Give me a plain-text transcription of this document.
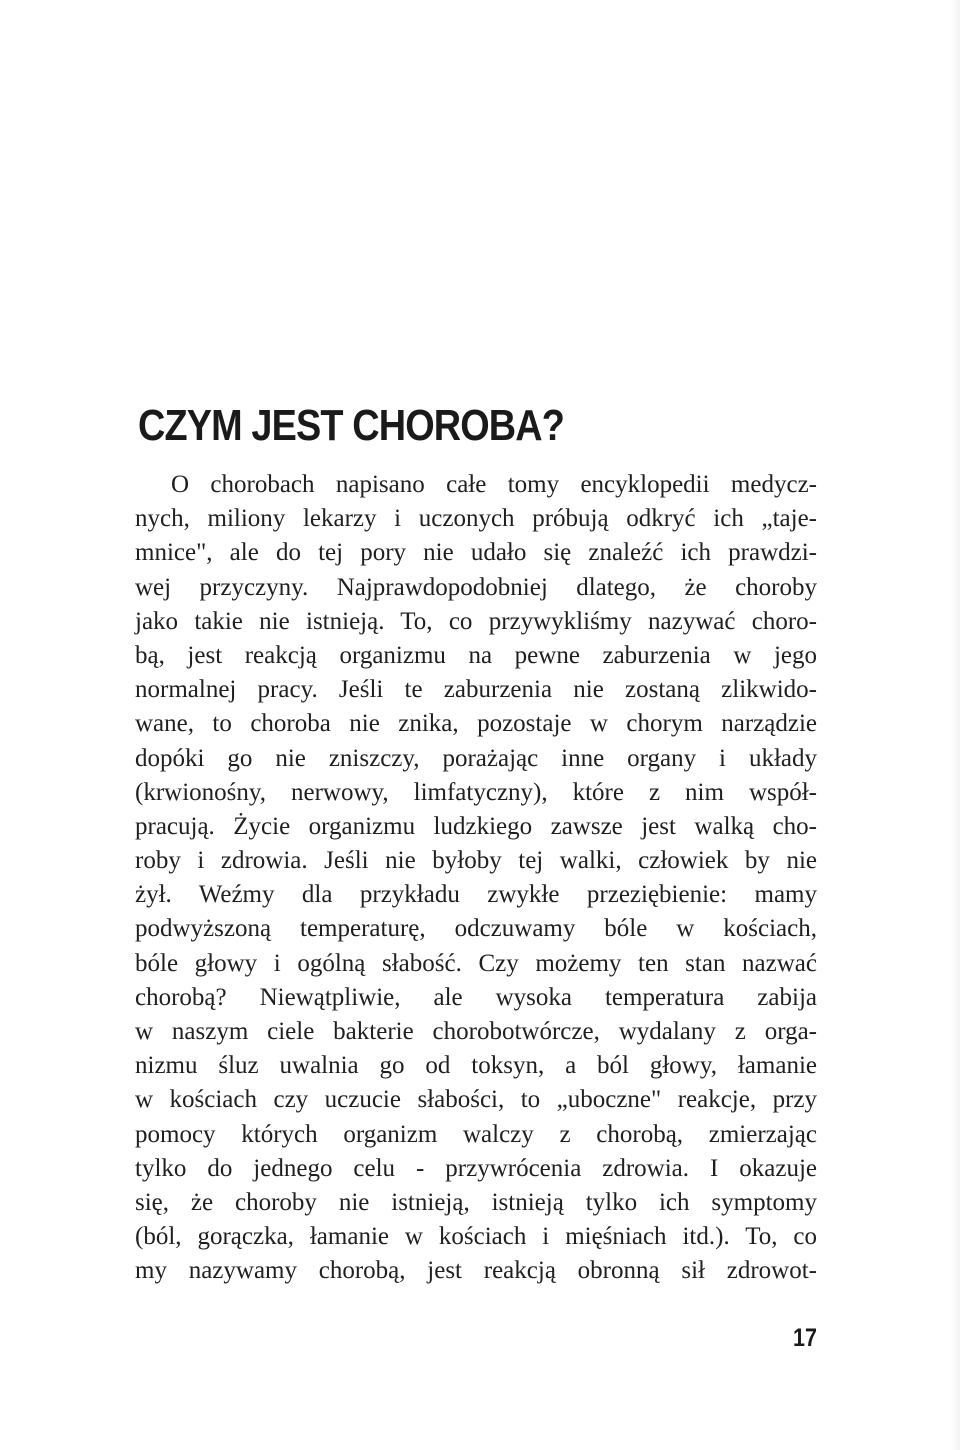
CZYM JEST CHOROBA?
O chorobach napisano całe tomy encyklopedii medycz-
nych, miliony lekarzy i uczonych próbują odkryć ich „taje-
mnice", ale do tej pory nie udało się znaleźć ich prawdzi-
wej przyczyny. Najprawdopodobniej dlatego, że choroby
jako takie nie istnieją. To, co przywykliśmy nazywać choro-
bą, jest reakcją organizmu na pewne zaburzenia w jego
normalnej pracy. Jeśli te zaburzenia nie zostaną zlikwido-
wane, to choroba nie znika, pozostaje w chorym narządzie
dopóki go nie zniszczy, porażając inne organy i układy
(krwionośny, nerwowy, limfatyczny), które z nim współ-
pracują. Życie organizmu ludzkiego zawsze jest walką cho-
roby i zdrowia. Jeśli nie byłoby tej walki, człowiek by nie
żył. Weźmy dla przykładu zwykłe przeziębienie: mamy
podwyższoną temperaturę, odczuwamy bóle w kościach,
bóle głowy i ogólną słabość. Czy możemy ten stan nazwać
chorobą? Niewątpliwie, ale wysoka temperatura zabija
w naszym ciele bakterie chorobotwórcze, wydalany z orga-
nizmu śluz uwalnia go od toksyn, a ból głowy, łamanie
w kościach czy uczucie słabości, to „uboczne" reakcje, przy
pomocy których organizm walczy z chorobą, zmierzając
tylko do jednego celu - przywrócenia zdrowia. I okazuje
się, że choroby nie istnieją, istnieją tylko ich symptomy
(ból, gorączka, łamanie w kościach i mięśniach itd.). To, co
my nazywamy chorobą, jest reakcją obronną sił zdrowot-
17
